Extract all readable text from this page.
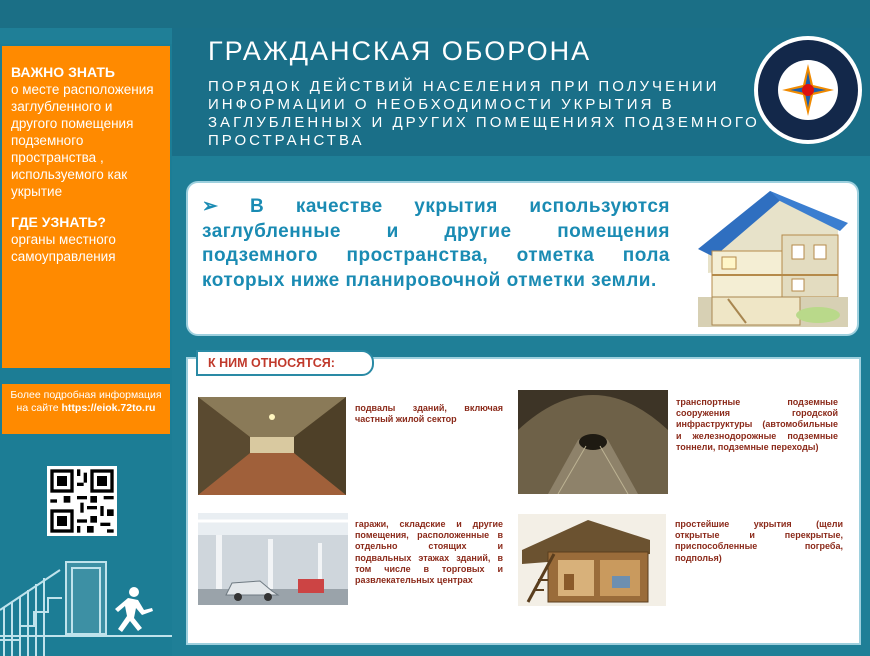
ГРАЖДАНСКАЯ ОБОРОНА
ПОРЯДОК ДЕЙСТВИЙ НАСЕЛЕНИЯ ПРИ ПОЛУЧЕНИИ ИНФОРМАЦИИ О НЕОБХОДИМОСТИ УКРЫТИЯ В ЗАГЛУБЛЕННЫХ И ДРУГИХ ПОМЕЩЕНИЯХ ПОДЗЕМНОГО ПРОСТРАНСТВА
ВАЖНО ЗНАТЬ
о месте расположения заглубленного и другого помещения подземного пространства , используемого как укрытие
ГДЕ УЗНАТЬ?
органы местного самоуправления
Более подробная информация
на сайте https://eiok.72to.ru
➢ В качестве укрытия используются заглубленные и другие помещения подземного пространства, отметка пола которых ниже планировочной отметки земли.
К НИМ ОТНОСЯТСЯ:
подвалы зданий, включая частный жилой сектор
транспортные подземные сооружения городской инфраструктуры (автомобильные и железнодорожные подземные тоннели, подземные переходы)
гаражи, складские и другие помещения, расположенные в отдельно стоящих и подвальных этажах зданий, в том числе в торговых и развлекательных центрах
простейшие укрытия (щели открытые и перекрытые, приспособленные погреба, подполья)
